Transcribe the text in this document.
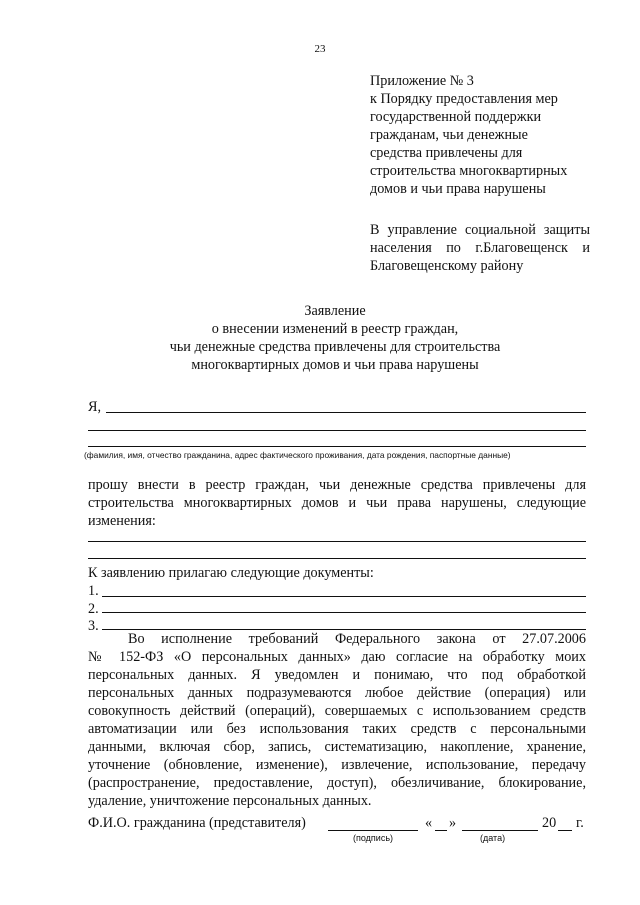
23
Приложение № 3
к Порядку предоставления мер
государственной поддержки
гражданам, чьи денежные
средства привлечены для
строительства многоквартирных
домов и чьи права нарушены
В управление социальной защиты
населения по г.Благовещенск и
Благовещенскому району
Заявление
о внесении изменений в реестр граждан,
чьи денежные средства привлечены для строительства
многоквартирных домов и чьи права нарушены
Я,
(фамилия, имя, отчество гражданина, адрес фактического проживания, дата рождения, паспортные данные)
прошу внести в реестр граждан, чьи денежные средства привлечены для
строительства многоквартирных домов и чьи права нарушены, следующие
изменения:
К заявлению прилагаю следующие документы:
1.
2.
3.
Во исполнение требований Федерального закона от 27.07.2006
№ 152-ФЗ «О персональных данных» даю согласие на обработку моих
персональных данных. Я уведомлен и понимаю, что под обработкой
персональных данных подразумеваются любое действие (операция) или
совокупность действий (операций), совершаемых с использованием средств
автоматизации или без использования таких средств с персональными
данными, включая сбор, запись, систематизацию, накопление, хранение,
уточнение (обновление, изменение), извлечение, использование, передачу
(распространение, предоставление, доступ), обезличивание, блокирование,
удаление, уничтожение персональных данных.
Ф.И.О. гражданина (представителя)	« »	20 г.
(подпись)	(дата)
